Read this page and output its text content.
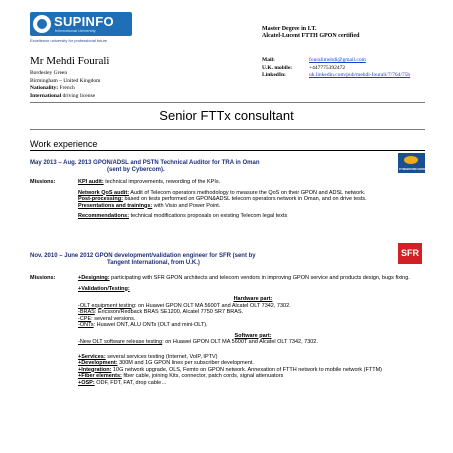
SUPINFO
International University
Excellence university for professional future
Master Degree in I.T.
Alcatel-Lucent FTTH GPON certified
Mr Mehdi Fourali
Bordesley Green
Birmingham – United Kingdom
Nationality: French
International driving license
Mail:	fouralimehdi@gmail.com
U.K. mobile:	+447775392472
LinkedIn:	uk.linkedin.com/pub/mehdi-fourali/7/764/75b
Senior FTTx consultant
Work experience
May 2013 – Aug. 2013 GPON/ADSL and PSTN Technical Auditor for TRA in Oman
(sent by Cybercom).	CYBERCOM GROUP
Missions:	KPI audit: technical improvements, rewording of the KPIs.

Network QoS audit: Audit of Telecom operators methodology to measure the QoS on their GPON and ADSL network.

Post-processing: based on tests performed on GPON&ADSL telecom operators network in Oman, and on drive tests.

Presentations and trainings: with Visio and Power Point.

Recommendations: technical modifications proposals on existing Telecom legal texts

Nov. 2010 – June 2012 GPON development/validation engineer for SFR (sent by
Tangent International, from U.K.)
SFR
Missions:	+Designing: participating with SFR GPON architects and telecom vendors in improving GPON service and products design, bugs fixing.

+Validation/Testing:

Hardware part:

-OLT equipment testing: on Huawei GPON OLT MA 5600T and Alcatel OLT 7342, 7302.

-BRAS: Ericsson/Redback BRAS SE1200, Alcatel 7750 SR7 BRAS.

-CPE: several versions.

-ONTs: Huawei ONT, ALU ONTs (OLT and mini-OLT).

Software part:

-New OLT software release testing: on Huawei GPON OLT MA 5600T and Alcatel OLT 7342, 7302.

+Services: several services testing (Internet, VoIP, IPTV)

+Development: 300M and 1G GPON lines per subscriber development.

+Integration: 10G network upgrade, OLS, Femto on GPON network. Annexation of FTTH network to mobile network (FTTM)

+Fiber elements: fiber cable, joining Kits, connector, patch cords, signal attenuators

+OSP: ODF, FDT, FAT, drop cable…
